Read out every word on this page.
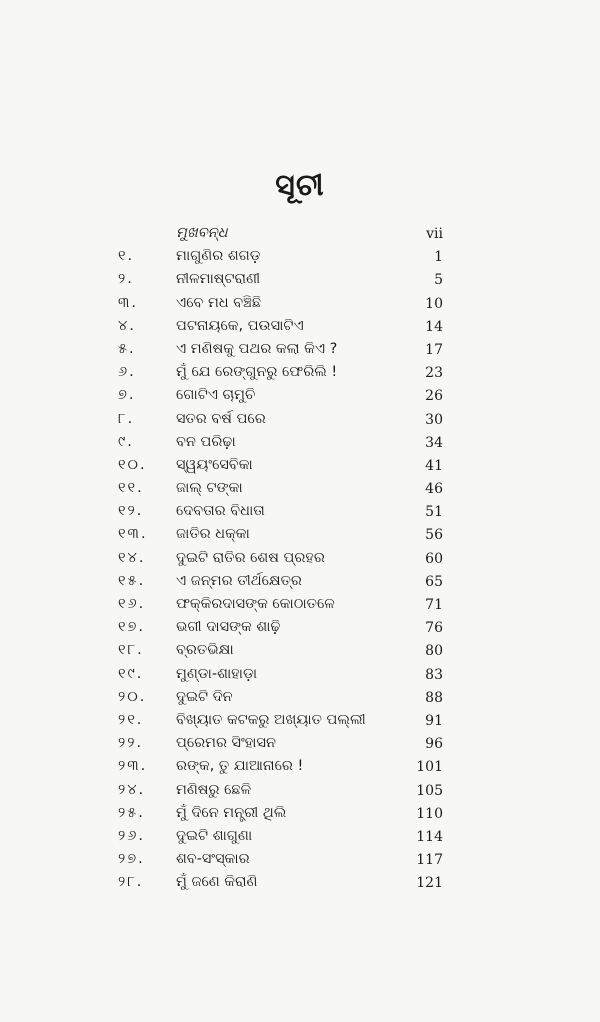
ସୂଚୀ
ମୁଖବନ୍ଧ	vii
୧.	ମାଗୁଣିର ଶଗଡ଼	1
୨.	ନୀଳମାଷ୍ଟରାଣୀ	5
୩.	ଏବେ ମଧ ବଞ୍ଚିଛି	10
୪.	ପଟନାୟକେ, ପଉସାଟିଏ	14
୫.	ଏ ମଣିଷକୁ ପଥର କଲା କିଏ ?	17
୬.	ମୁଁ ଯେ ରେଙ୍ଗୁନରୁ ଫେରିଲି !	23
୭.	ଗୋଟିଏ ଚାମୁଚି	26
୮.	ସତର ବର୍ଷ ପରେ	30
୯.	ବନ ପରିଢ଼ା	34
୧୦. ସ୍ୱୟଂସେବିକା	41
୧୧. ଜାଲ୍ ଟଙ୍କା	46
୧୨. ଦେବତାର ବିଧାତା	51
୧୩. ଜାତିର ଧକ୍କା	56
୧୪. ଦୁଇଟି ରାତିର ଶେଷ ପ୍ରହର	60
୧୫. ଏ ଜନ୍ମର ତୀର୍ଥକ୍ଷେତ୍ର	65
୧୬. ଫକ୍କିରଦାସଙ୍କ କୋଠାତଳେ	71
୧୭. ଭଗୀ ଦାସଙ୍କ ଶାଢ଼ି	76
୧୮. ବ୍ରତଭିକ୍ଷା	80
୧୯. ମୁଣ୍ଡା-ଶାହାଡ଼ା	83
୨୦. ଦୁଇଟି ଦିନ	88
୨୧. ବିଖ୍ୟାତ କଟକରୁ ଅଖ୍ୟାତ ପଲ୍ଲୀ	91
୨୨. ପ୍ରେମର ସିଂହାସନ	96
୨୩. ରଙ୍କ, ତୁ ଯାଆନାରେ !	101
୨୪. ମଣିଷରୁ ଛେଳି	105
୨୫. ମୁଁ ଦିନେ ମନ୍ତ୍ରୀ ଥିଲି	110
୨୬. ଦୁଇଟି ଶାଗୁଣା	114
୨୭. ଶବ-ସଂସ୍କାର	117
୨୮. ମୁଁ ଜଣେ କିରାଣି	121
